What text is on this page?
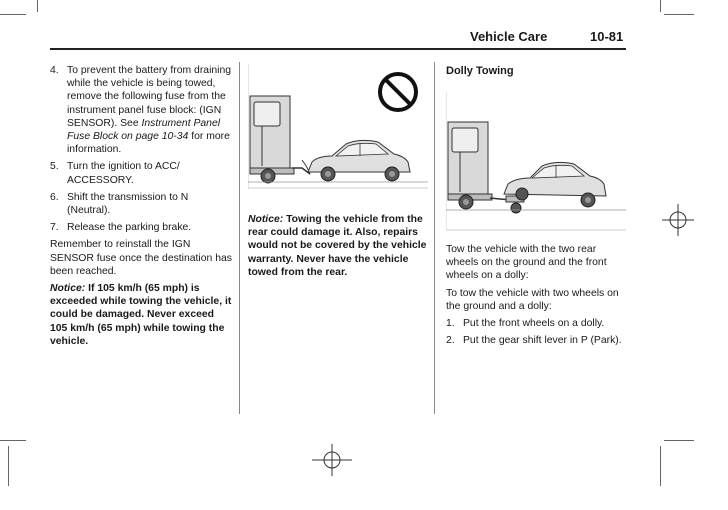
Vehicle Care	10-81
4. To prevent the battery from draining while the vehicle is being towed, remove the following fuse from the instrument panel fuse block: (IGN SENSOR). See Instrument Panel Fuse Block on page 10-34 for more information.
5. Turn the ignition to ACC/ ACCESSORY.
6. Shift the transmission to N (Neutral).
7. Release the parking brake.

Remember to reinstall the IGN SENSOR fuse once the destination has been reached.

Notice: If 105 km/h (65 mph) is exceeded while towing the vehicle, it could be damaged. Never exceed 105 km/h (65 mph) while towing the vehicle.

Notice: Towing the vehicle from the rear could damage it. Also, repairs would not be covered by the vehicle warranty. Never have the vehicle towed from the rear.
Dolly Towing

Tow the vehicle with the two rear wheels on the ground and the front wheels on a dolly:

To tow the vehicle with two wheels on the ground and a dolly:

1. Put the front wheels on a dolly.
2. Put the gear shift lever in P (Park).
